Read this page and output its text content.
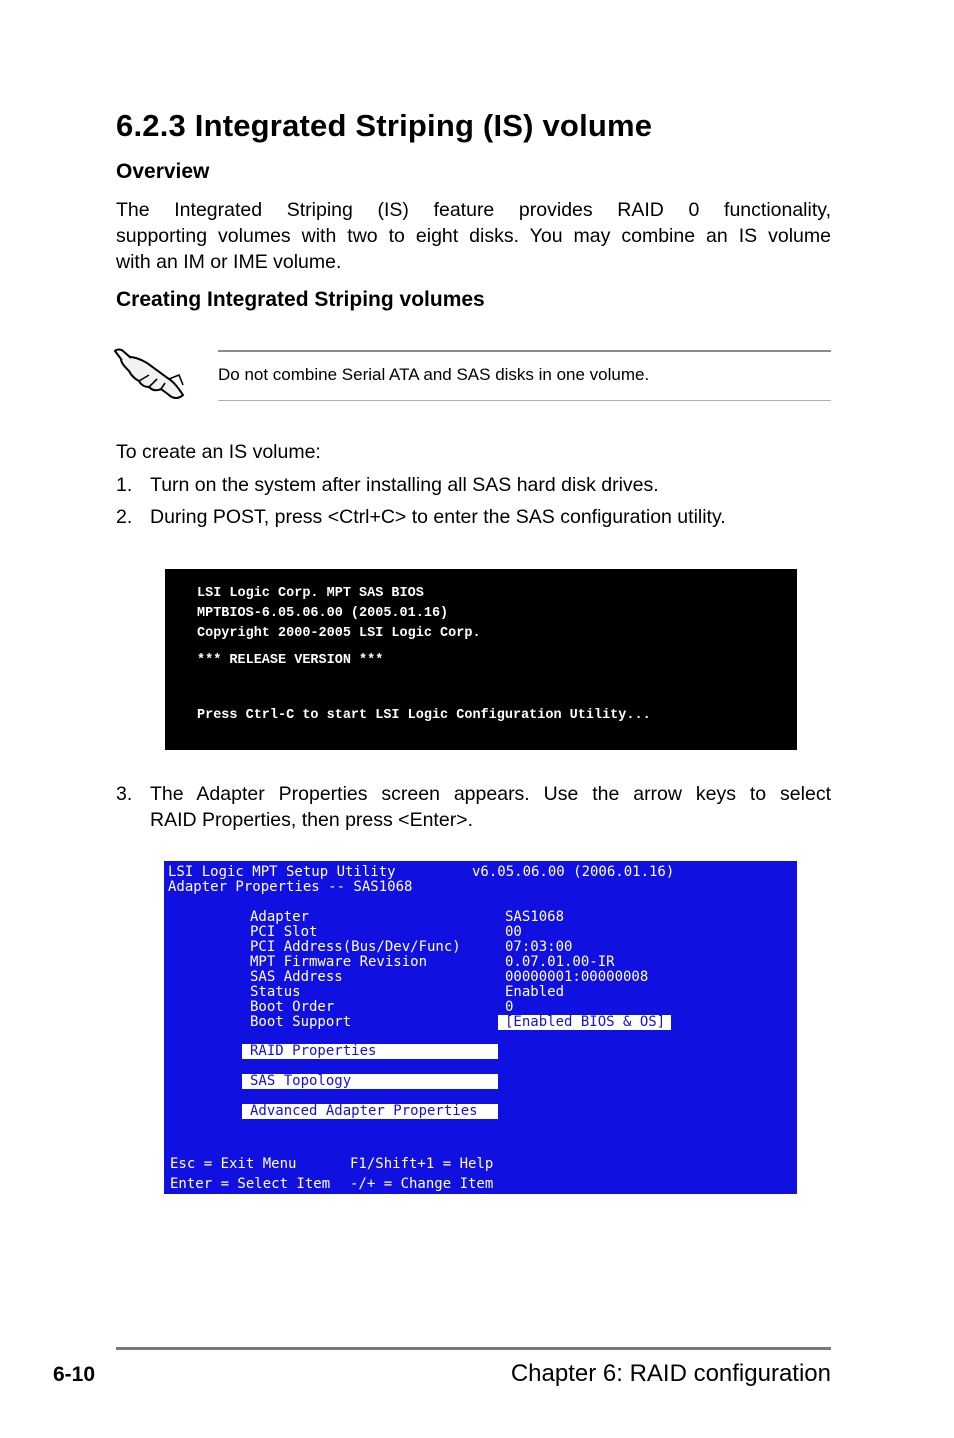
6.2.3 Integrated Striping (IS) volume
Overview
The Integrated Striping (IS) feature provides RAID 0 functionality,
supporting volumes with two to eight disks. You may combine an IS volume
with an IM or IME volume.
Creating Integrated Striping volumes
Do not combine Serial ATA and SAS disks in one volume.
To create an IS volume:
1. Turn on the system after installing all SAS hard disk drives.
2. During POST, press <Ctrl+C> to enter the SAS configuration utility.
LSI Logic Corp. MPT SAS BIOS
MPTBIOS-6.05.06.00 (2005.01.16)
Copyright 2000-2005 LSI Logic Corp.
*** RELEASE VERSION ***
Press Ctrl-C to start LSI Logic Configuration Utility...
3. The Adapter Properties screen appears. Use the arrow keys to select
RAID Properties, then press <Enter>.
LSI Logic MPT Setup Utility	v6.05.06.00 (2006.01.16)
Adapter Properties -- SAS1068
Adapter	SAS1068
PCI Slot	00
PCI Address(Bus/Dev/Func)	07:03:00
MPT Firmware Revision	0.07.01.00-IR
SAS Address	00000001:00000008
Status	Enabled
Boot Order	0
Boot Support	[Enabled BIOS & OS]
RAID Properties
SAS Topology
Advanced Adapter Properties
Esc = Exit Menu	F1/Shift+1 = Help
Enter = Select Item -/+ = Change Item
6-10	Chapter 6: RAID configuration
